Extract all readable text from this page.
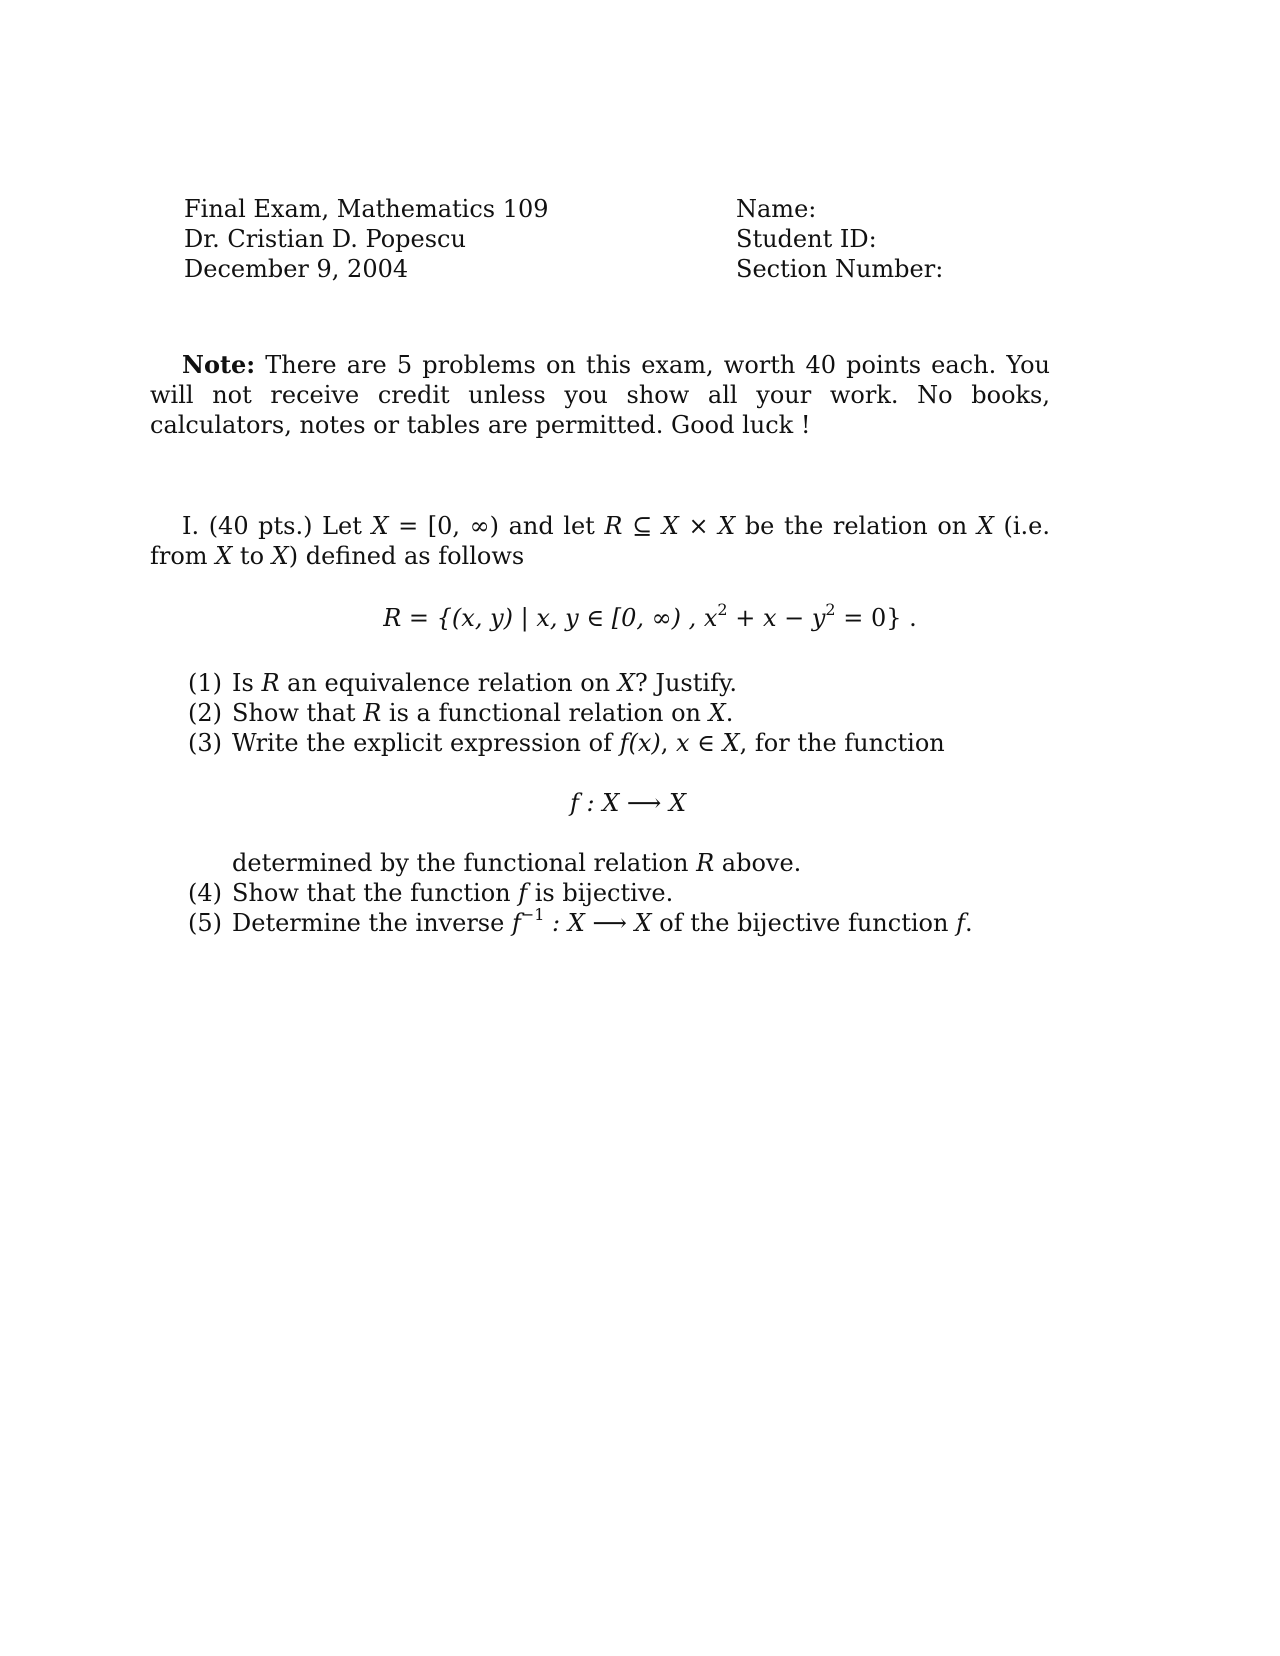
Final Exam, Mathematics 109
Dr. Cristian D. Popescu
December 9, 2004
Name:
Student ID:
Section Number:
Note: There are 5 problems on this exam, worth 40 points each. You will not receive credit unless you show all your work. No books, calculators, notes or tables are permitted. Good luck !
I. (40 pts.) Let X = [0, ∞) and let R ⊆ X × X be the relation on X (i.e. from X to X) defined as follows
R = {(x, y) | x, y ∈ [0, ∞) , $x^2 + x - y^2 = 0$} .
(1) Is R an equivalence relation on X? Justify.
(2) Show that R is a functional relation on X.
(3) Write the explicit expression of f(x), x ∈ X, for the function
f : X ⟶ X
determined by the functional relation R above.
(4) Show that the function f is bijective.
(5) Determine the inverse $f^{-1}$ : X ⟶ X of the bijective function f.
